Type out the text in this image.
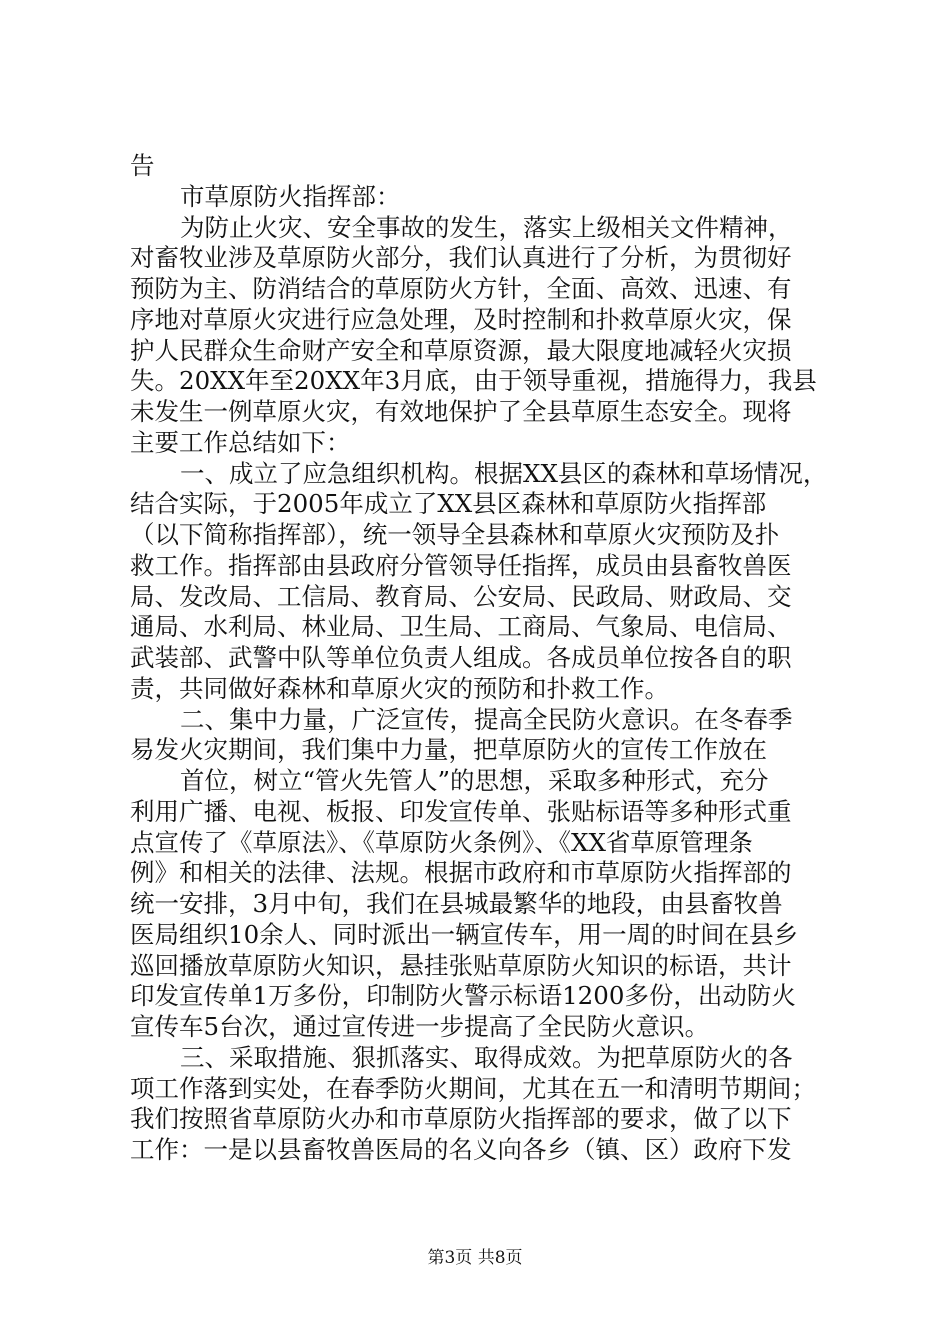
告
市草原防火指挥部：
为防止火灾、安全事故的发生，落实上级相关文件精神，
对畜牧业涉及草原防火部分，我们认真进行了分析，为贯彻好
预防为主、防消结合的草原防火方针，全面、高效、迅速、有
序地对草原火灾进行应急处理，及时控制和扑救草原火灾，保
护人民群众生命财产安全和草原资源，最大限度地减轻火灾损
失。20XX年至20XX年3月底，由于领导重视，措施得力，我县
未发生一例草原火灾，有效地保护了全县草原生态安全。现将
主要工作总结如下：
一、成立了应急组织机构。根据XX县区的森林和草场情况，
结合实际，于2005年成立了XX县区森林和草原防火指挥部
（以下简称指挥部），统一领导全县森林和草原火灾预防及扑
救工作。指挥部由县政府分管领导任指挥，成员由县畜牧兽医
局、发改局、工信局、教育局、公安局、民政局、财政局、交
通局、水利局、林业局、卫生局、工商局、气象局、电信局、
武装部、武警中队等单位负责人组成。各成员单位按各自的职
责，共同做好森林和草原火灾的预防和扑救工作。
二、集中力量，广泛宣传，提高全民防火意识。在冬春季
易发火灾期间，我们集中力量，把草原防火的宣传工作放在
首位，树立“管火先管人”的思想，采取多种形式，充分
利用广播、电视、板报、印发宣传单、张贴标语等多种形式重
点宣传了《草原法》、《草原防火条例》、《XX省草原管理条
例》和相关的法律、法规。根据市政府和市草原防火指挥部的
统一安排，3月中旬，我们在县城最繁华的地段，由县畜牧兽
医局组织10余人、同时派出一辆宣传车，用一周的时间在县乡
巡回播放草原防火知识，悬挂张贴草原防火知识的标语，共计
印发宣传单1万多份，印制防火警示标语1200多份，出动防火
宣传车5台次，通过宣传进一步提高了全民防火意识。
三、采取措施、狠抓落实、取得成效。为把草原防火的各
项工作落到实处，在春季防火期间，尤其在五一和清明节期间；
我们按照省草原防火办和市草原防火指挥部的要求，做了以下
工作：一是以县畜牧兽医局的名义向各乡（镇、区）政府下发
第3页 共8页
